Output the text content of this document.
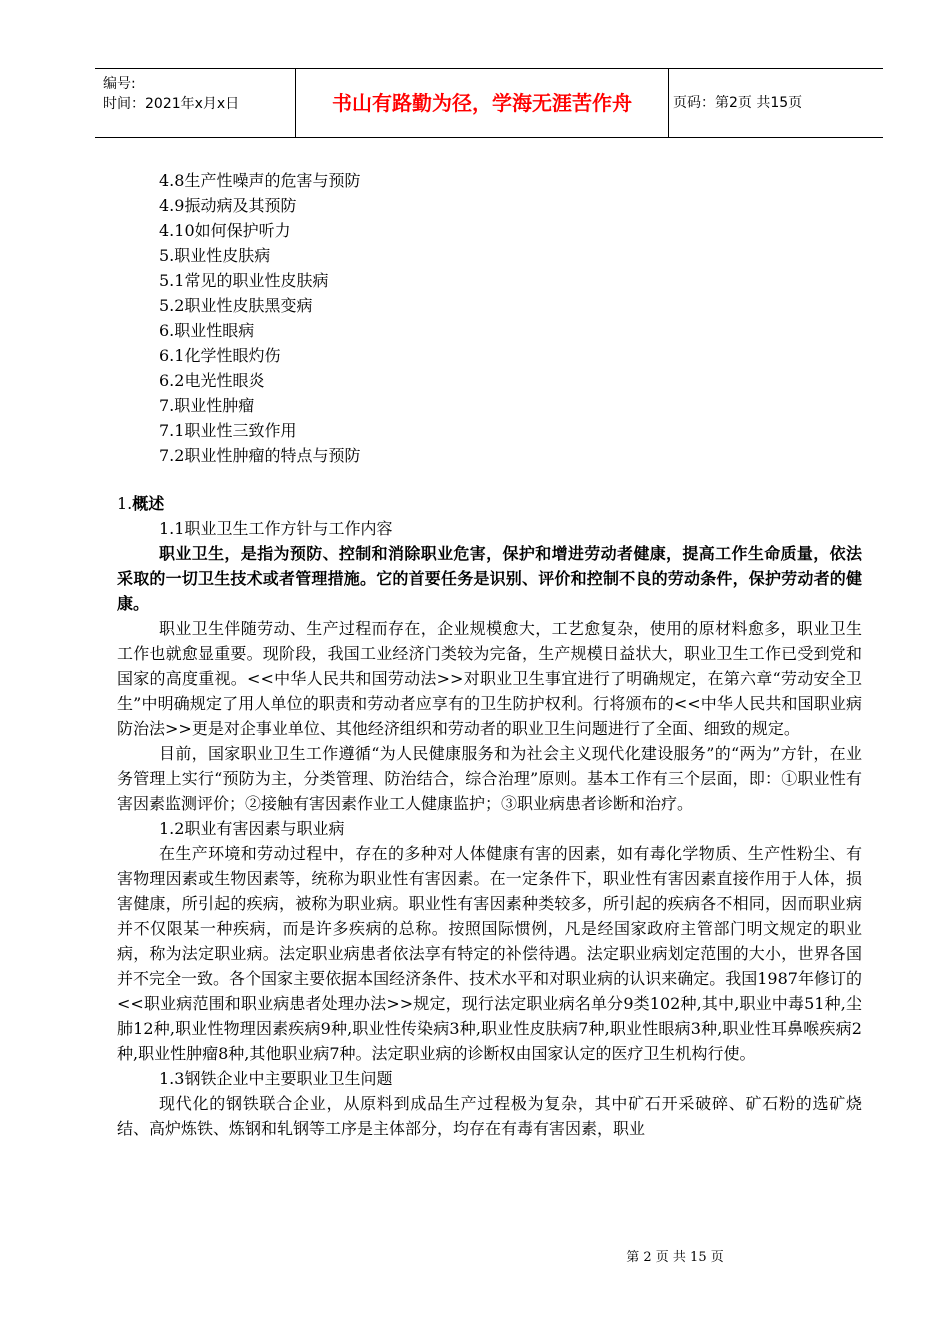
编号:
时间：2021年x月x日	书山有路勤为径，学海无涯苦作舟	页码：第2页 共15页
4.8生产性噪声的危害与预防
4.9振动病及其预防
4.10如何保护听力
5.职业性皮肤病
5.1常见的职业性皮肤病
5.2职业性皮肤黑变病
6.职业性眼病
6.1化学性眼灼伤
6.2电光性眼炎
7.职业性肿瘤
7.1职业性三致作用
7.2职业性肿瘤的特点与预防
1.概述
1.1职业卫生工作方针与工作内容

职业卫生，是指为预防、控制和消除职业危害，保护和增进劳动者健康，提高工作生命质量，依法采取的一切卫生技术或者管理措施。它的首要任务是识别、评价和控制不良的劳动条件，保护劳动者的健康。

职业卫生伴随劳动、生产过程而存在，企业规模愈大，工艺愈复杂，使用的原材料愈多，职业卫生工作也就愈显重要。现阶段，我国工业经济门类较为完备，生产规模日益状大，职业卫生工作已受到党和国家的高度重视。<<中华人民共和国劳动法>>对职业卫生事宜进行了明确规定，在第六章“劳动安全卫生”中明确规定了用人单位的职责和劳动者应享有的卫生防护权利。行将颁布的<<中华人民共和国职业病防治法>>更是对企事业单位、其他经济组织和劳动者的职业卫生问题进行了全面、细致的规定。

目前，国家职业卫生工作遵循“为人民健康服务和为社会主义现代化建设服务”的“两为”方针，在业务管理上实行“预防为主，分类管理、防治结合，综合治理”原则。基本工作有三个层面，即：①职业性有害因素监测评价；②接触有害因素作业工人健康监护；③职业病患者诊断和治疗。

1.2职业有害因素与职业病

在生产环境和劳动过程中，存在的多种对人体健康有害的因素，如有毒化学物质、生产性粉尘、有害物理因素或生物因素等，统称为职业性有害因素。在一定条件下，职业性有害因素直接作用于人体，损害健康，所引起的疾病，被称为职业病。职业性有害因素种类较多，所引起的疾病各不相同，因而职业病并不仅限某一种疾病，而是许多疾病的总称。按照国际惯例，凡是经国家政府主管部门明文规定的职业病，称为法定职业病。法定职业病患者依法享有特定的补偿待遇。法定职业病划定范围的大小，世界各国并不完全一致。各个国家主要依据本国经济条件、技术水平和对职业病的认识来确定。我国1987年修订的<<职业病范围和职业病患者处理办法>>规定，现行法定职业病名单分9类102种,其中,职业中毒51种,尘肺12种,职业性物理因素疾病9种,职业性传染病3种,职业性皮肤病7种,职业性眼病3种,职业性耳鼻喉疾病2种,职业性肿瘤8种,其他职业病7种。法定职业病的诊断权由国家认定的医疗卫生机构行使。

1.3钢铁企业中主要职业卫生问题

现代化的钢铁联合企业，从原料到成品生产过程极为复杂，其中矿石开采破碎、矿石粉的选矿烧结、高炉炼铁、炼钢和轧钢等工序是主体部分，均存在有毒有害因素，职业

第 2 页 共 15 页
